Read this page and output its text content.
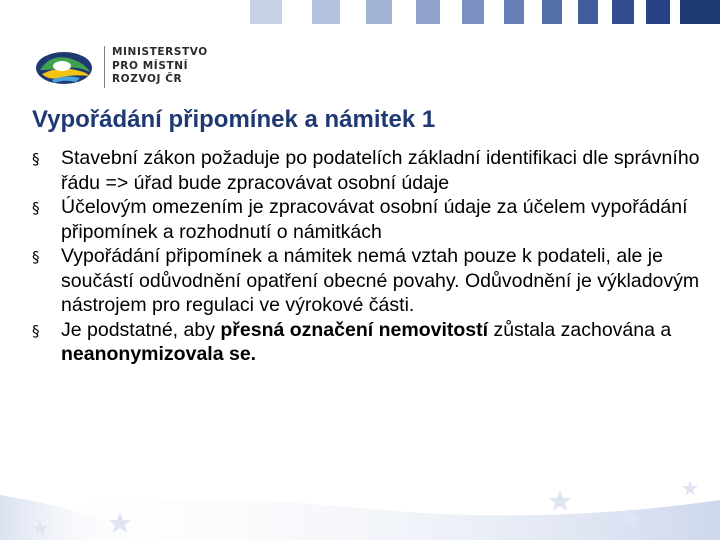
MINISTERSTVO
PRO MÍSTNÍ
ROZVOJ ČR
Vypořádání připomínek a námitek 1
§ Stavební zákon požaduje po podatelích základní identifikaci dle správního řádu => úřad bude zpracovávat osobní údaje
§ Účelovým omezením je zpracovávat osobní údaje za účelem vypořádání připomínek a rozhodnutí o námitkách
§ Vypořádání připomínek a námitek nemá vztah pouze k podateli, ale je součástí odůvodnění opatření obecné povahy. Odůvodnění je výkladovým nástrojem pro regulaci ve výrokové části.
§ Je podstatné, aby přesná označení nemovitostí zůstala zachována a neanonymizovala se.
